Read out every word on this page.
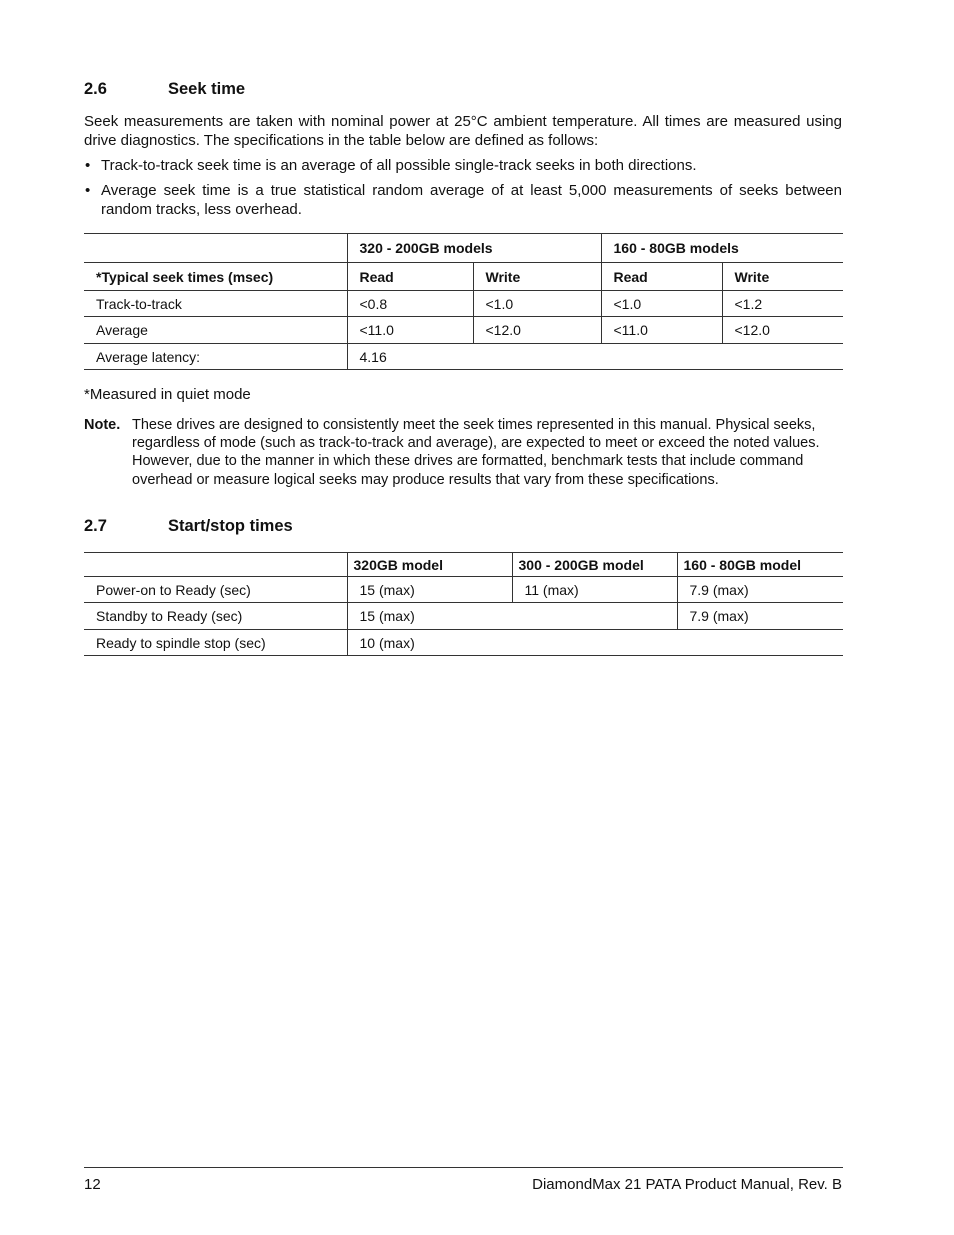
2.6	Seek time
Seek measurements are taken with nominal power at 25°C ambient temperature. All times are measured using drive diagnostics. The specifications in the table below are defined as follows:
• Track-to-track seek time is an average of all possible single-track seeks in both directions.
• Average seek time is a true statistical random average of at least 5,000 measurements of seeks between random tracks, less overhead.
	320 - 200GB models		160 - 80GB models	
*Typical seek times (msec)	Read	Write	Read	Write
Track-to-track	<0.8	<1.0	<1.0	<1.2
Average	<11.0	<12.0	<11.0	<12.0
Average latency:	4.16			
*Measured in quiet mode
Note. These drives are designed to consistently meet the seek times represented in this manual. Physical seeks, regardless of mode (such as track-to-track and average), are expected to meet or exceed the noted values. However, due to the manner in which these drives are formatted, benchmark tests that include command overhead or measure logical seeks may produce results that vary from these specifications.
2.7	Start/stop times
	320GB model	300 - 200GB model	160 - 80GB model
Power-on to Ready (sec)	15 (max)	11 (max)	7.9 (max)
Standby to Ready (sec)	15 (max)		7.9 (max)
Ready to spindle stop (sec)	10 (max)		
12	DiamondMax 21 PATA Product Manual, Rev. B
